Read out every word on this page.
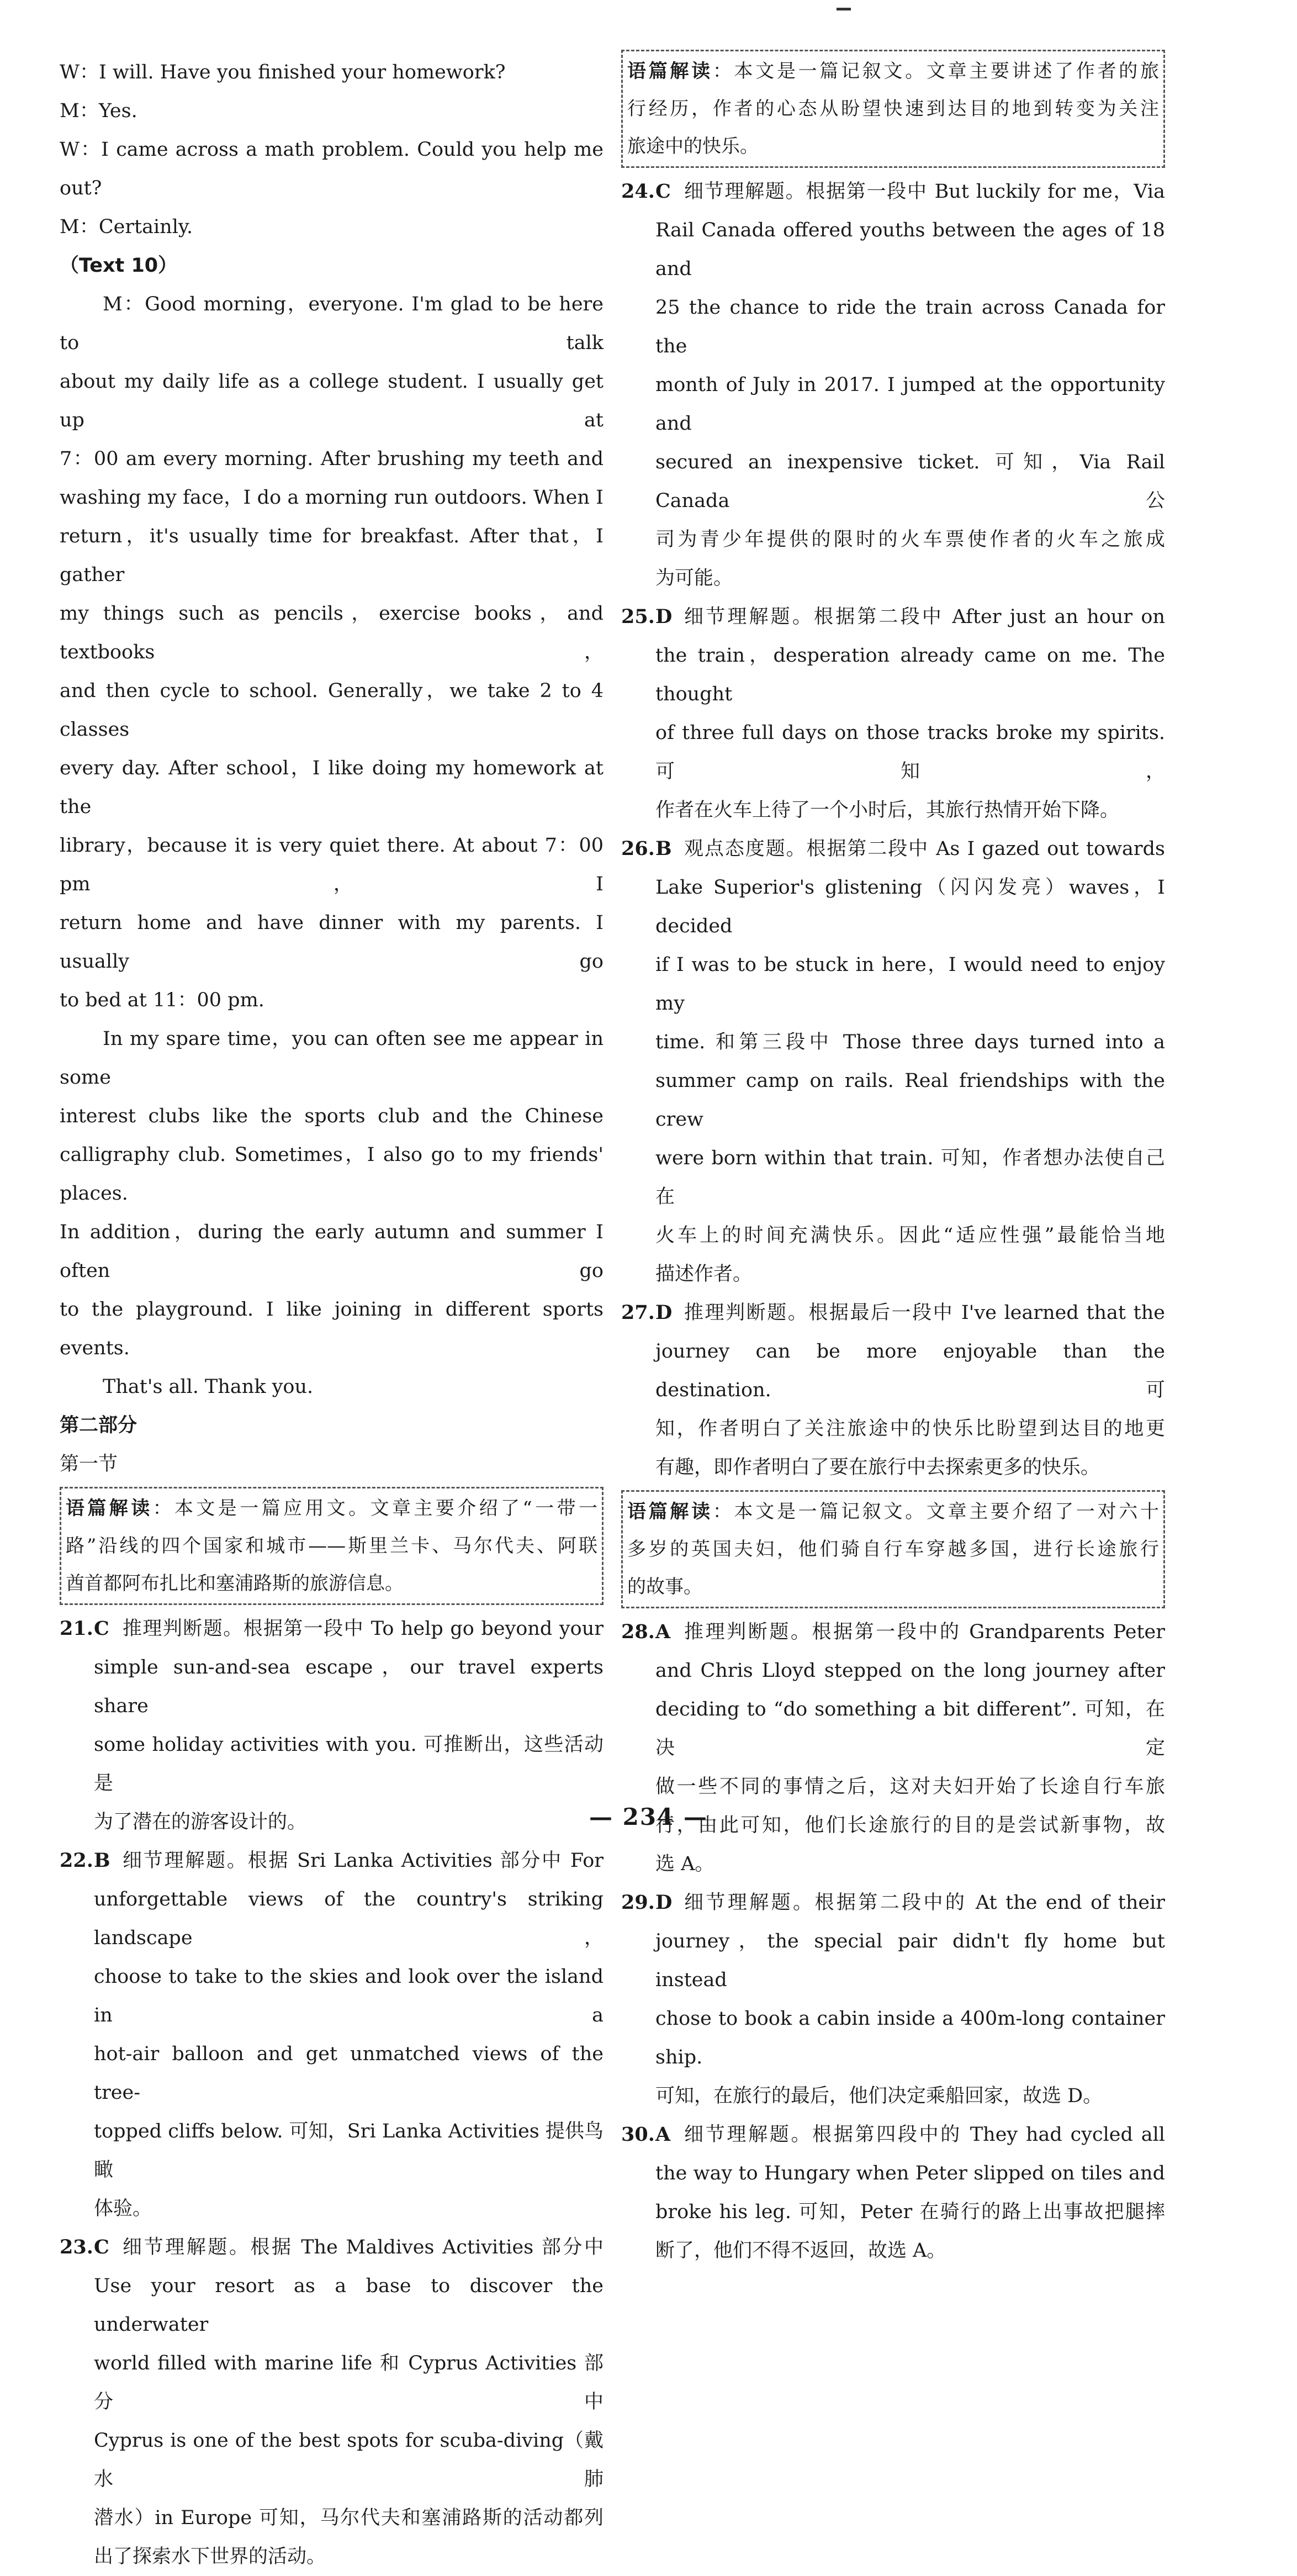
W：I will. Have you finished your homework?

M：Yes.

W：I came across a math problem. Could you help me out?

M：Certainly.

（Text 10）

M：Good morning，everyone. I'm glad to be here to talk

about my daily life as a college student. I usually get up at

7：00 am every morning. After brushing my teeth and

washing my face，I do a morning run outdoors. When I

return，it's usually time for breakfast. After that，I gather

my things such as pencils，exercise books，and textbooks，

and then cycle to school. Generally，we take 2 to 4 classes

every day. After school，I like doing my homework at the

library，because it is very quiet there. At about 7：00 pm，I

return home and have dinner with my parents. I usually go

to bed at 11：00 pm.

In my spare time，you can often see me appear in some

interest clubs like the sports club and the Chinese

calligraphy club. Sometimes，I also go to my friends' places.

In addition，during the early autumn and summer I often go

to the playground. I like joining in different sports events.

That's all. Thank you.

第二部分

第一节

语篇解读：本文是一篇应用文。文章主要介绍了“一带一

路”沿线的四个国家和城市——斯里兰卡、马尔代夫、阿联

酋首都阿布扎比和塞浦路斯的旅游信息。

21. C 推理判断题。根据第一段中 To help go beyond your

simple sun-and-sea escape，our travel experts share

some holiday activities with you. 可推断出，这些活动是

为了潜在的游客设计的。

22. B 细节理解题。根据 Sri Lanka Activities 部分中 For

unforgettable views of the country's striking landscape，

choose to take to the skies and look over the island in a

hot-air balloon and get unmatched views of the tree-

topped cliffs below. 可知，Sri Lanka Activities 提供鸟瞰

体验。

23. C 细节理解题。根据 The Maldives Activities 部分中

Use your resort as a base to discover the underwater

world filled with marine life 和 Cyprus Activities 部分中

Cyprus is one of the best spots for scuba-diving（戴水肺

潜水）in Europe 可知，马尔代夫和塞浦路斯的活动都列

出了探索水下世界的活动。

语篇解读：本文是一篇记叙文。文章主要讲述了作者的旅

行经历，作者的心态从盼望快速到达目的地到转变为关注

旅途中的快乐。

24. C 细节理解题。根据第一段中 But luckily for me，Via

Rail Canada offered youths between the ages of 18 and

25 the chance to ride the train across Canada for the

month of July in 2017. I jumped at the opportunity and

secured an inexpensive ticket. 可知，Via Rail Canada 公

司为青少年提供的限时的火车票使作者的火车之旅成

为可能。

25. D 细节理解题。根据第二段中 After just an hour on

the train，desperation already came on me. The thought

of three full days on those tracks broke my spirits. 可知，

作者在火车上待了一个小时后，其旅行热情开始下降。

26. B 观点态度题。根据第二段中 As I gazed out towards

Lake Superior's glistening（闪闪发亮）waves，I decided

if I was to be stuck in here，I would need to enjoy my

time. 和第三段中 Those three days turned into a

summer camp on rails. Real friendships with the crew

were born within that train. 可知，作者想办法使自己在

火车上的时间充满快乐。因此“适应性强”最能恰当地

描述作者。

27. D 推理判断题。根据最后一段中 I've learned that the

journey can be more enjoyable than the destination. 可

知，作者明白了关注旅途中的快乐比盼望到达目的地更

有趣，即作者明白了要在旅行中去探索更多的快乐。

语篇解读：本文是一篇记叙文。文章主要介绍了一对六十

多岁的英国夫妇，他们骑自行车穿越多国，进行长途旅行

的故事。

28. A 推理判断题。根据第一段中的 Grandparents Peter

and Chris Lloyd stepped on the long journey after

deciding to “do something a bit different”. 可知，在决定

做一些不同的事情之后，这对夫妇开始了长途自行车旅

行，由此可知，他们长途旅行的目的是尝试新事物，故

选 A。

29. D 细节理解题。根据第二段中的 At the end of their

journey，the special pair didn't fly home but instead

chose to book a cabin inside a 400m-long container ship.

可知，在旅行的最后，他们决定乘船回家，故选 D。

30. A 细节理解题。根据第四段中的 They had cycled all

the way to Hungary when Peter slipped on tiles and

broke his leg. 可知，Peter 在骑行的路上出事故把腿摔

断了，他们不得不返回，故选 A。

— 234 —
